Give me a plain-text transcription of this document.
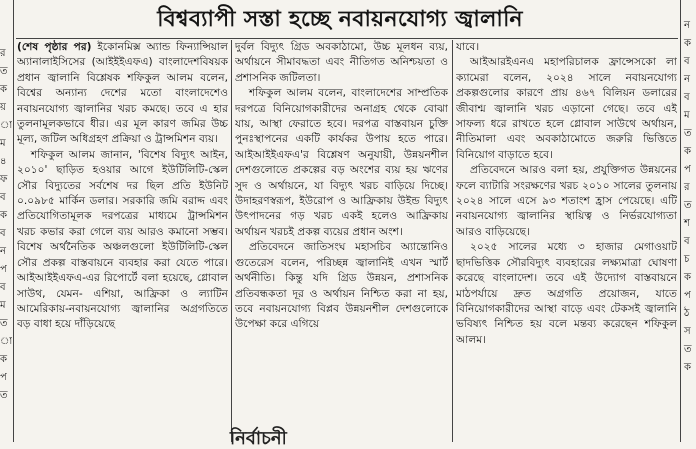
র
ত
ক
য়
া
ম
৪
ফ
ব
ক
ব
ন
প
ব
ম
ত
া
ক
প
ত
ন
ক
ব
ন
ব
ম
ত
ক
প
র
ত
শ
ব
চ
ক
প
ঠ
স
ত
ক
বিশ্বব্যাপী সস্তা হচ্ছে নবায়নযোগ্য জ্বালানি

(শেষ পৃষ্ঠার পর) ইকোনমিক্স অ্যান্ড ফিন্যান্সিয়াল অ্যানালাইসিসের (আইইইএফএ) বাংলাদেশবিষয়ক প্রধান জ্বালানি বিশ্লেষক শফিকুল আলম বলেন, বিশ্বের অন্যান্য দেশের মতো বাংলাদেশেও নবায়নযোগ্য জ্বালানির খরচ কমছে। তবে এ হার তুলনামূলকভাবে ধীর। এর মূল কারণ জমির উচ্চ মূল্য, জটিল অধিগ্রহণ প্রক্রিয়া ও ট্রান্সমিশন ব্যয়।

শফিকুল আলম জানান, 'বিশেষ বিদ্যুৎ আইন, ২০১০' ছাড়িত হওয়ার আগে ইউটিলিটি-স্কেল সৌর বিদ্যুতের সর্বশেষ দর ছিল প্রতি ইউনিট ০.০৯৮৫ মার্কিন ডলার। সরকারি জমি বরাদ্দ এবং প্রতিযোগিতামূলক দরপত্রের মাধ্যমে ট্রান্সমিশন খরচ কভার করা গেলে ব্যয় আরও কমানো সম্ভব। বিশেষ অর্থনৈতিক অঞ্চলগুলো ইউটিলিটি-স্কেল সৌর প্রকল্প বাস্তবায়নে ব্যবহার করা যেতে পারে। আইআইইএফএ-এর রিপোর্টে বলা হয়েছে, গ্লোবাল সাউথ, যেমন- এশিয়া, আফ্রিকা ও ল্যাটিন আমেরিকায়-নবায়নযোগ্য জ্বালানির অগ্রগতিতে বড় বাধা হয়ে দাঁড়িয়েছে

দুর্বল বিদ্যুৎ গ্রিড অবকাঠামো, উচ্চ মূলধন ব্যয়, অর্থায়নে সীমাবদ্ধতা এবং নীতিগত অনিশ্চয়তা ও প্রশাসনিক জটিলতা।

শফিকুল আলম বলেন, বাংলাদেশের সাম্প্রতিক দরপত্রে বিনিয়োগকারীদের অনাগ্রহ থেকে বোঝা যায়, আস্থা ফেরাতে হবে। দরপত্র বাস্তবায়ন চুক্তি পুনঃস্থাপনের একটি কার্যকর উপায় হতে পারে। আইআইইএফএ'র বিশ্লেষণ অনুযায়ী, উন্নয়নশীল দেশগুলোতে প্রকল্পের বড় অংশের ব্যয় হয় ঋণের সুদ ও অর্থায়নে, যা বিদ্যুৎ খরচ বাড়িয়ে দিচ্ছে। উদাহরণস্বরূপ, ইউরোপ ও আফ্রিকায় উইন্ড বিদ্যুৎ উৎপাদনের গড় খরচ একই হলেও আফ্রিকায় অর্থায়ন খরচই প্রকল্প ব্যয়ের প্রধান অংশ।

প্রতিবেদনে জাতিসংঘ মহাসচিব অ্যান্তোনিও গুতেরেস বলেন, পরিচ্ছন্ন জ্বালানিই এখন স্মার্ট অর্থনীতি। কিন্তু যদি গ্রিড উন্নয়ন, প্রশাসনিক প্রতিবন্ধকতা দূর ও অর্থায়ন নিশ্চিত করা না হয়, তবে নবায়নযোগ্য বিপ্লব উন্নয়নশীল দেশগুলোকে উপেক্ষা করে এগিয়ে

যাবে।

আইআরইএনএ মহাপরিচালক ফ্রান্সেসকো লা ক্যামেরা বলেন, ২০২৪ সালে নবায়নযোগ্য প্রকল্পগুলোর কারণে প্রায় ৪৬৭ বিলিয়ন ডলারের জীবাশ্ম জ্বালানি খরচ এড়ানো গেছে। তবে এই সাফল্য ধরে রাখতে হলে গ্লোবাল সাউথে অর্থায়ন, নীতিমালা এবং অবকাঠামোতে জরুরি ভিত্তিতে বিনিয়োগ বাড়াতে হবে।

প্রতিবেদনে আরও বলা হয়, প্রযুক্তিগত উন্নয়নের ফলে ব্যাটারি সংরক্ষণের খরচ ২০১০ সালের তুলনায় ২০২৪ সালে এসে ৯৩ শতাংশ হ্রাস পেয়েছে। এটি নবায়নযোগ্য জ্বালানির স্থায়িত্ব ও নির্ভরযোগ্যতা আরও বাড়িয়েছে।

২০২৫ সালের মধ্যে ৩ হাজার মেগাওয়াট ছাদভিত্তিক সৌরবিদ্যুৎ ব্যবহারের লক্ষ্যমাত্রা ঘোষণা করেছে বাংলাদেশ। তবে এই উদ্যোগ বাস্তবায়নে মাঠপর্যায়ে দ্রুত অগ্রগতি প্রয়োজন, যাতে বিনিয়োগকারীদের আস্থা বাড়ে এবং টেকসই জ্বালানি ভবিষ্যৎ নিশ্চিত হয় বলে মন্তব্য করেছেন শফিকুল আলম।

নির্বাচনী
